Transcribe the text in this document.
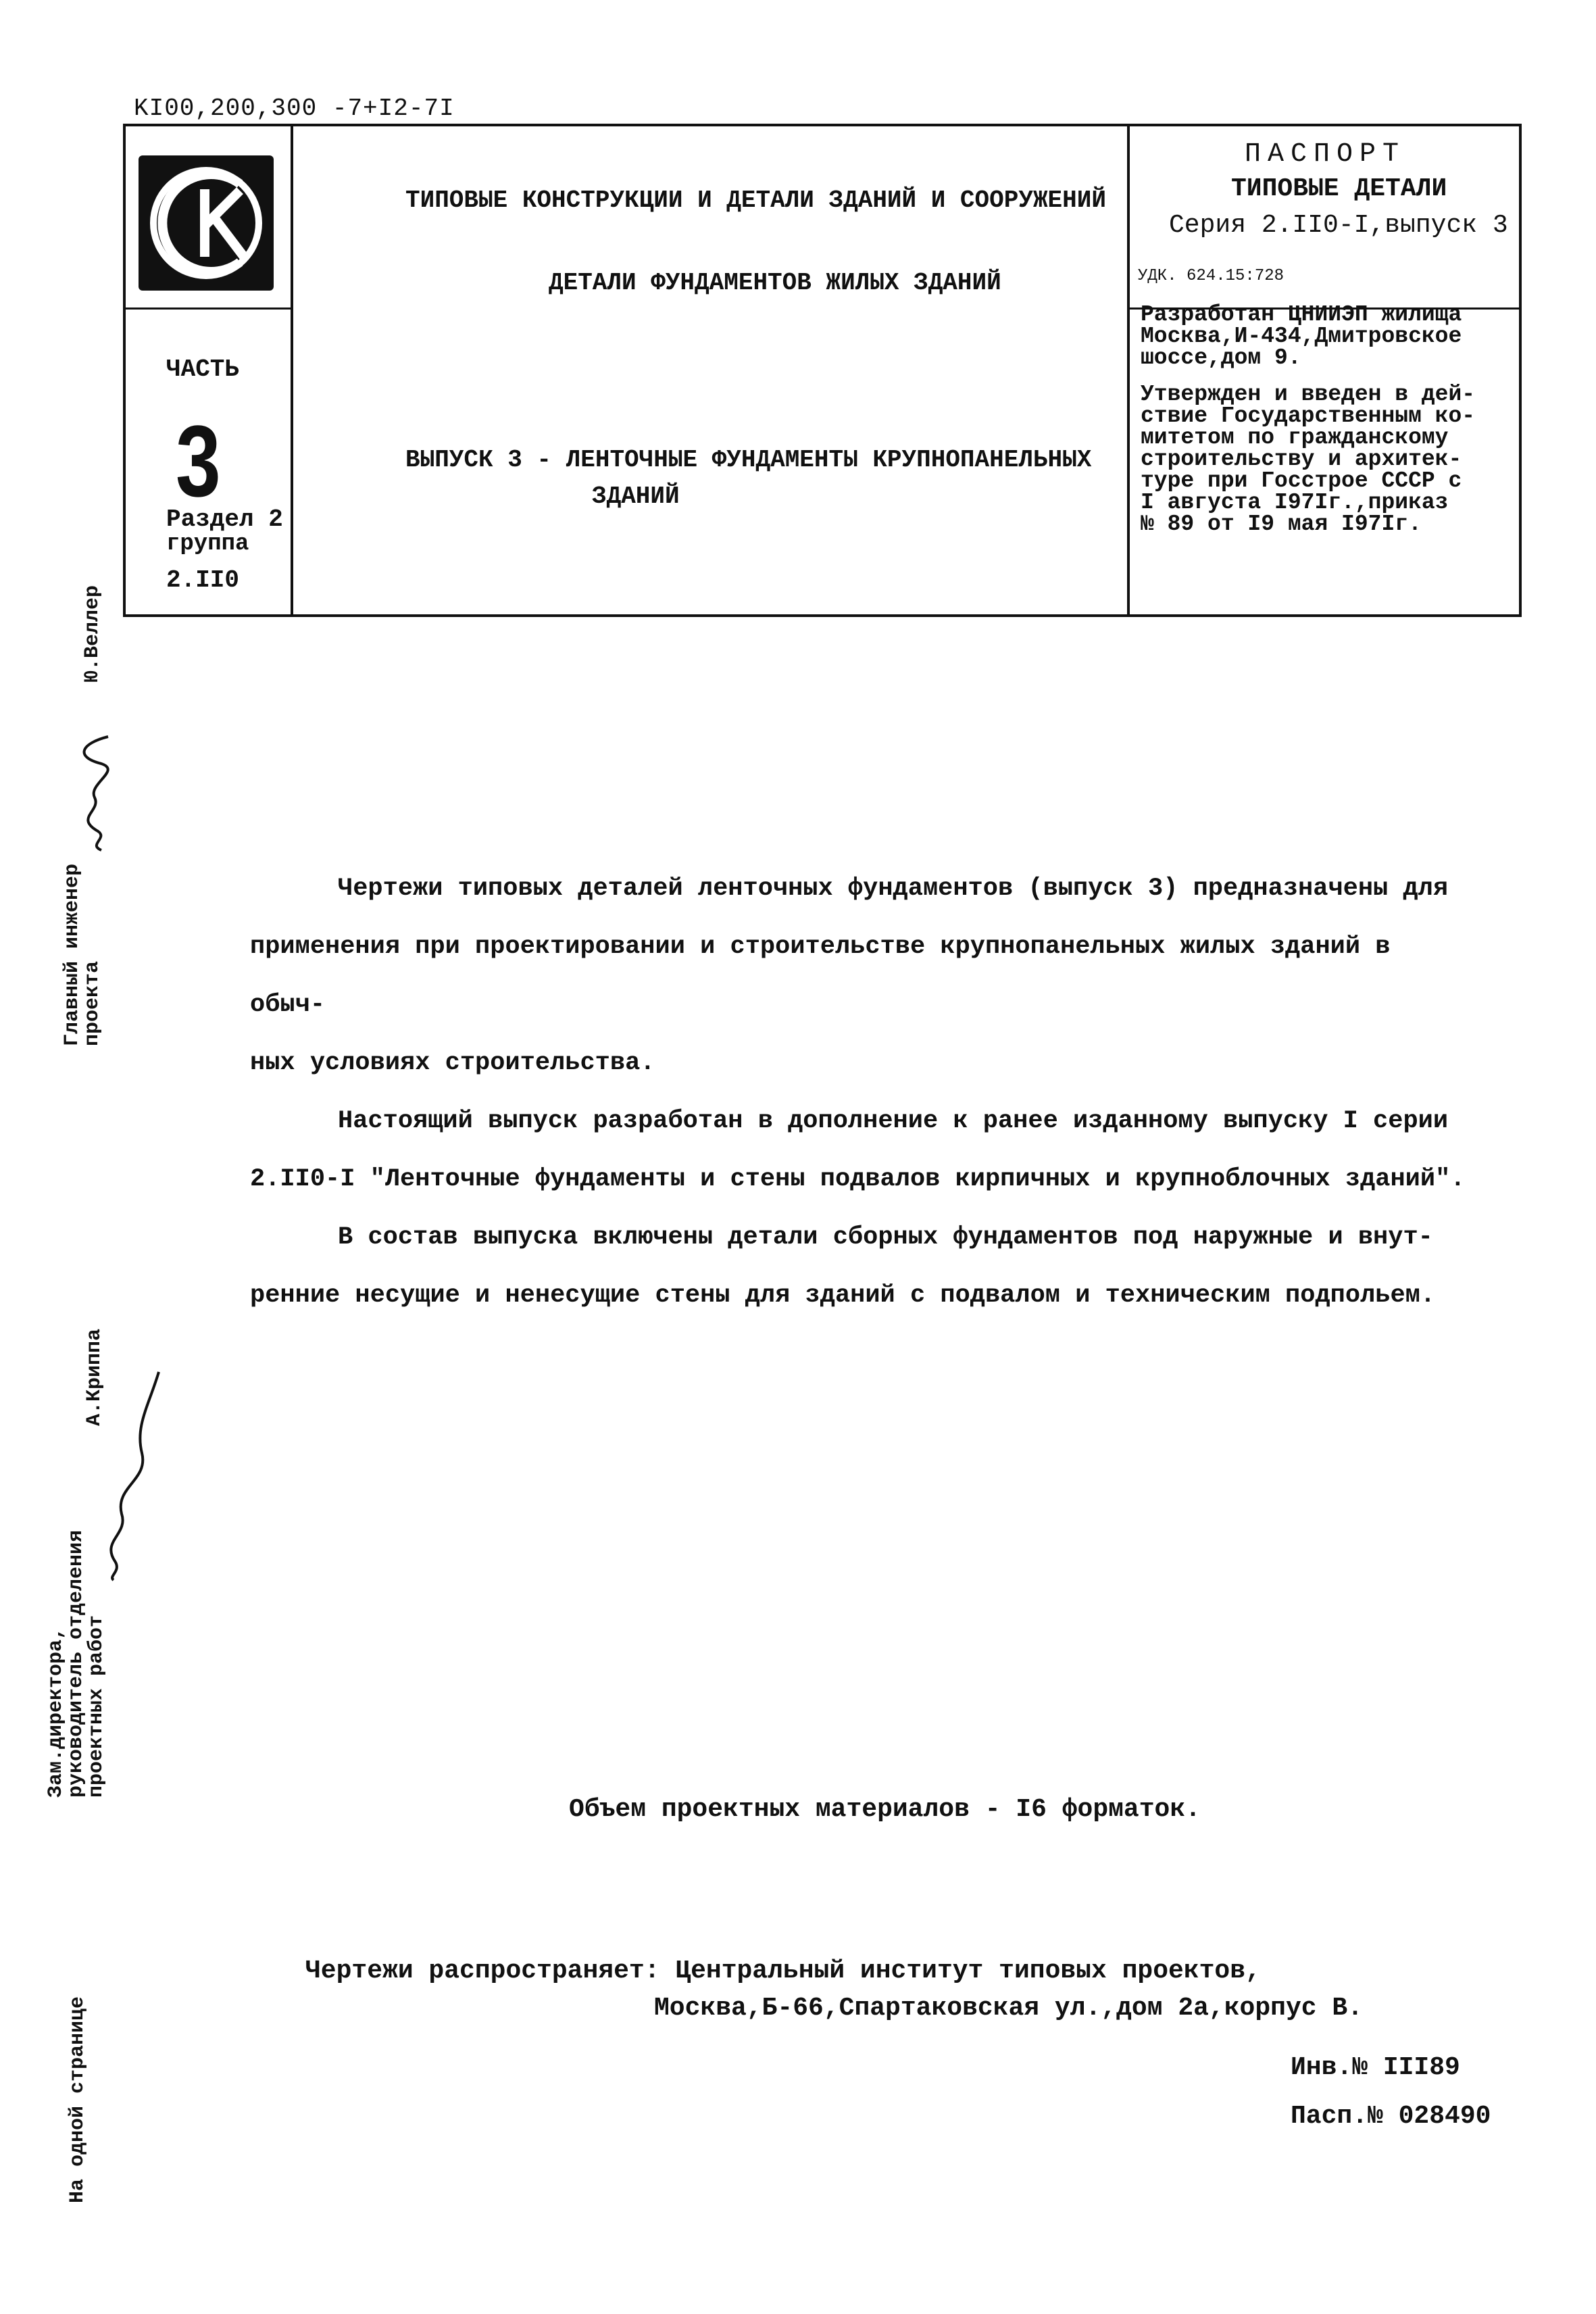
KI00,200,300 -7+I2-7I
ЧАСТЬ
3
Раздел 2
группа
2.II0
ТИПОВЫЕ КОНСТРУКЦИИ И ДЕТАЛИ ЗДАНИЙ И СООРУЖЕНИЙ
ДЕТАЛИ ФУНДАМЕНТОВ ЖИЛЫХ ЗДАНИЙ
ВЫПУСК 3 - ЛЕНТОЧНЫЕ ФУНДАМЕНТЫ КРУПНОПАНЕЛЬНЫХ
ЗДАНИЙ
ПАСПОРТ
ТИПОВЫЕ ДЕТАЛИ
Серия 2.II0-I,выпуск 3
УДК. 624.15:728

Разработан ЦНИИЭП жилища

Москва,И-434,Дмитровское

шоссе,дом 9.

Утвержден и введен в дей-

ствие Государственным ко-

митетом по гражданскому

строительству и архитек-

туре при Госстрое СССР с

I августа I97Iг.,приказ

№ 89 от I9 мая I97Iг.

Чертежи типовых деталей ленточных фундаментов (выпуск 3) предназначены для

применения при проектировании и строительстве крупнопанельных жилых зданий в обыч-

ных условиях строительства.

Настоящий выпуск разработан в дополнение к ранее изданному выпуску I серии

2.II0-I "Ленточные фундаменты и стены подвалов кирпичных и крупноблочных зданий".

В состав выпуска включены детали сборных фундаментов под наружные и внут-

ренние несущие и ненесущие стены для зданий с подвалом и техническим подпольем.

Объем проектных материалов - I6 форматок.
Чертежи распространяет: Центральный институт типовых проектов,
Москва,Б-66,Спартаковская ул.,дом 2а,корпус В.
Инв.№ III89
Пасп.№ 028490

Главный инженер

проекта

Ю.Веллер

Зам.директора,

руководитель отделения

проектных работ

А.Криппа
На одной странице
